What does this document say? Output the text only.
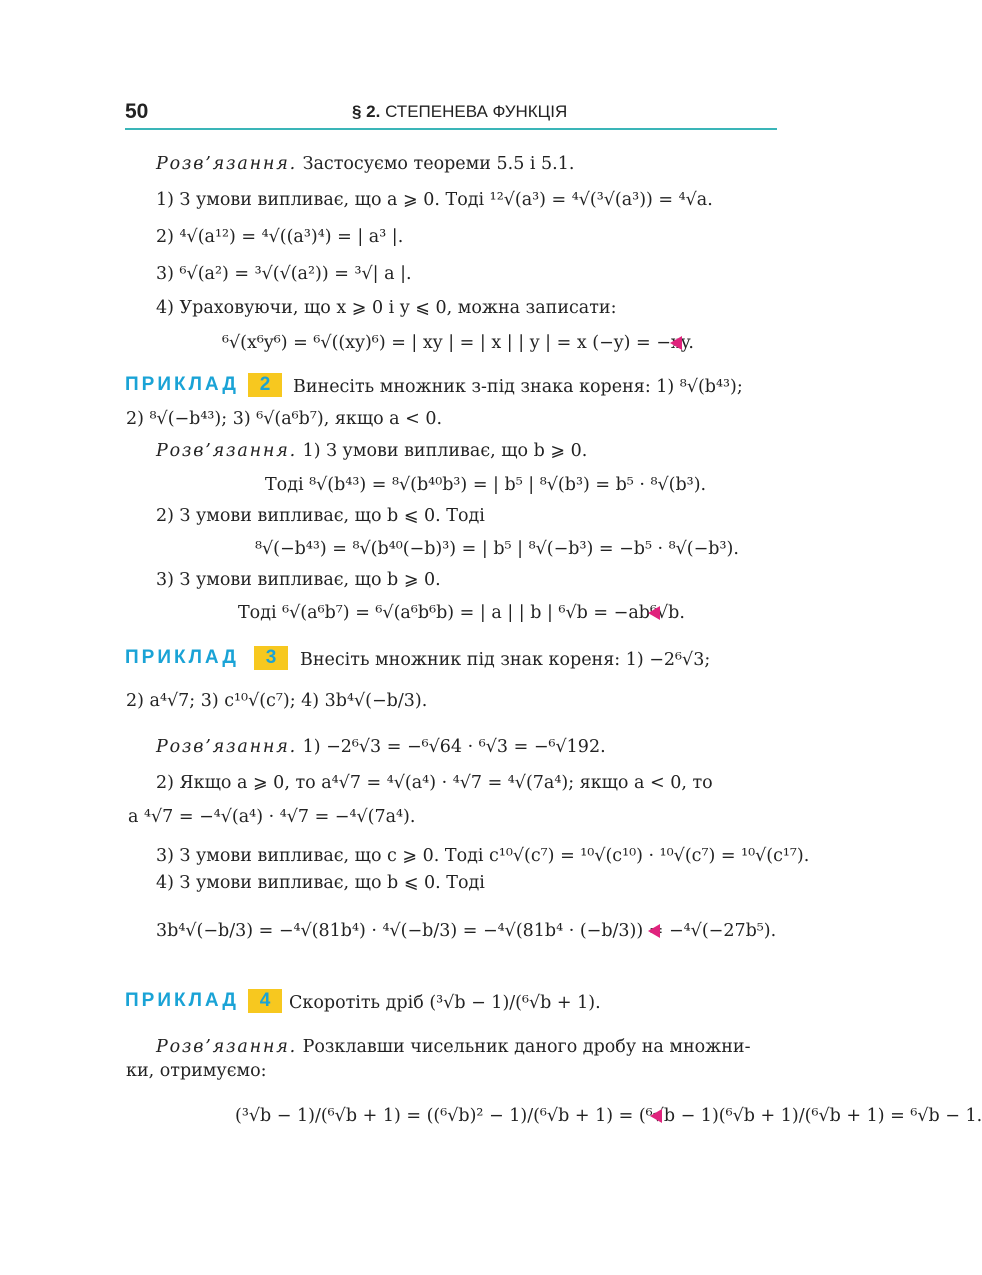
50	§ 2. СТЕПЕНЕВА ФУНКЦІЯ
Розв’язання. Застосуємо теореми 5.5 і 5.1.
1) З умови випливає, що a ⩾ 0. Тоді ¹²√(a³) = ⁴√(³√(a³)) = ⁴√a.
2) ⁴√(a¹²) = ⁴√((a³)⁴) = | a³ |.
3) ⁶√(a²) = ³√(√(a²)) = ³√| a |.
4) Ураховуючи, що x ⩾ 0 і y ⩽ 0, можна записати:
⁶√(x⁶y⁶) = ⁶√((xy)⁶) = | xy | = | x | | y | = x (−y) = −xy.
ПРИКЛАД	2	Винесіть множник з-під знака кореня: 1) ⁸√(b⁴³);
2) ⁸√(−b⁴³); 3) ⁶√(a⁶b⁷), якщо a < 0.
Розв’язання. 1) З умови випливає, що b ⩾ 0.
Тоді ⁸√(b⁴³) = ⁸√(b⁴⁰b³) = | b⁵ | ⁸√(b³) = b⁵ · ⁸√(b³).
2) З умови випливає, що b ⩽ 0. Тоді
⁸√(−b⁴³) = ⁸√(b⁴⁰(−b)³) = | b⁵ | ⁸√(−b³) = −b⁵ · ⁸√(−b³).
3) З умови випливає, що b ⩾ 0.
Тоді ⁶√(a⁶b⁷) = ⁶√(a⁶b⁶b) = | a | | b | ⁶√b = −ab⁶√b.
ПРИКЛАД	3	Внесіть множник під знак кореня: 1) −2⁶√3;
2) a⁴√7; 3) c¹⁰√(c⁷); 4) 3b⁴√(−b/3).
Розв’язання. 1) −2⁶√3 = −⁶√64 · ⁶√3 = −⁶√192.
2) Якщо a ⩾ 0, то a⁴√7 = ⁴√(a⁴) · ⁴√7 = ⁴√(7a⁴); якщо a < 0, то
a ⁴√7 = −⁴√(a⁴) · ⁴√7 = −⁴√(7a⁴).
3) З умови випливає, що c ⩾ 0. Тоді c¹⁰√(c⁷) = ¹⁰√(c¹⁰) · ¹⁰√(c⁷) = ¹⁰√(c¹⁷).
4) З умови випливає, що b ⩽ 0. Тоді
3b⁴√(−b/3) = −⁴√(81b⁴) · ⁴√(−b/3) = −⁴√(81b⁴ · (−b/3)) = −⁴√(−27b⁵).
ПРИКЛАД	4	Скоротіть дріб (³√b − 1)/(⁶√b + 1).
Розв’язання. Розклавши чисельник даного дробу на множни-
ки, отримуємо:
(³√b − 1)/(⁶√b + 1) = ((⁶√b)² − 1)/(⁶√b + 1) = (⁶√b − 1)(⁶√b + 1)/(⁶√b + 1) = ⁶√b − 1.
